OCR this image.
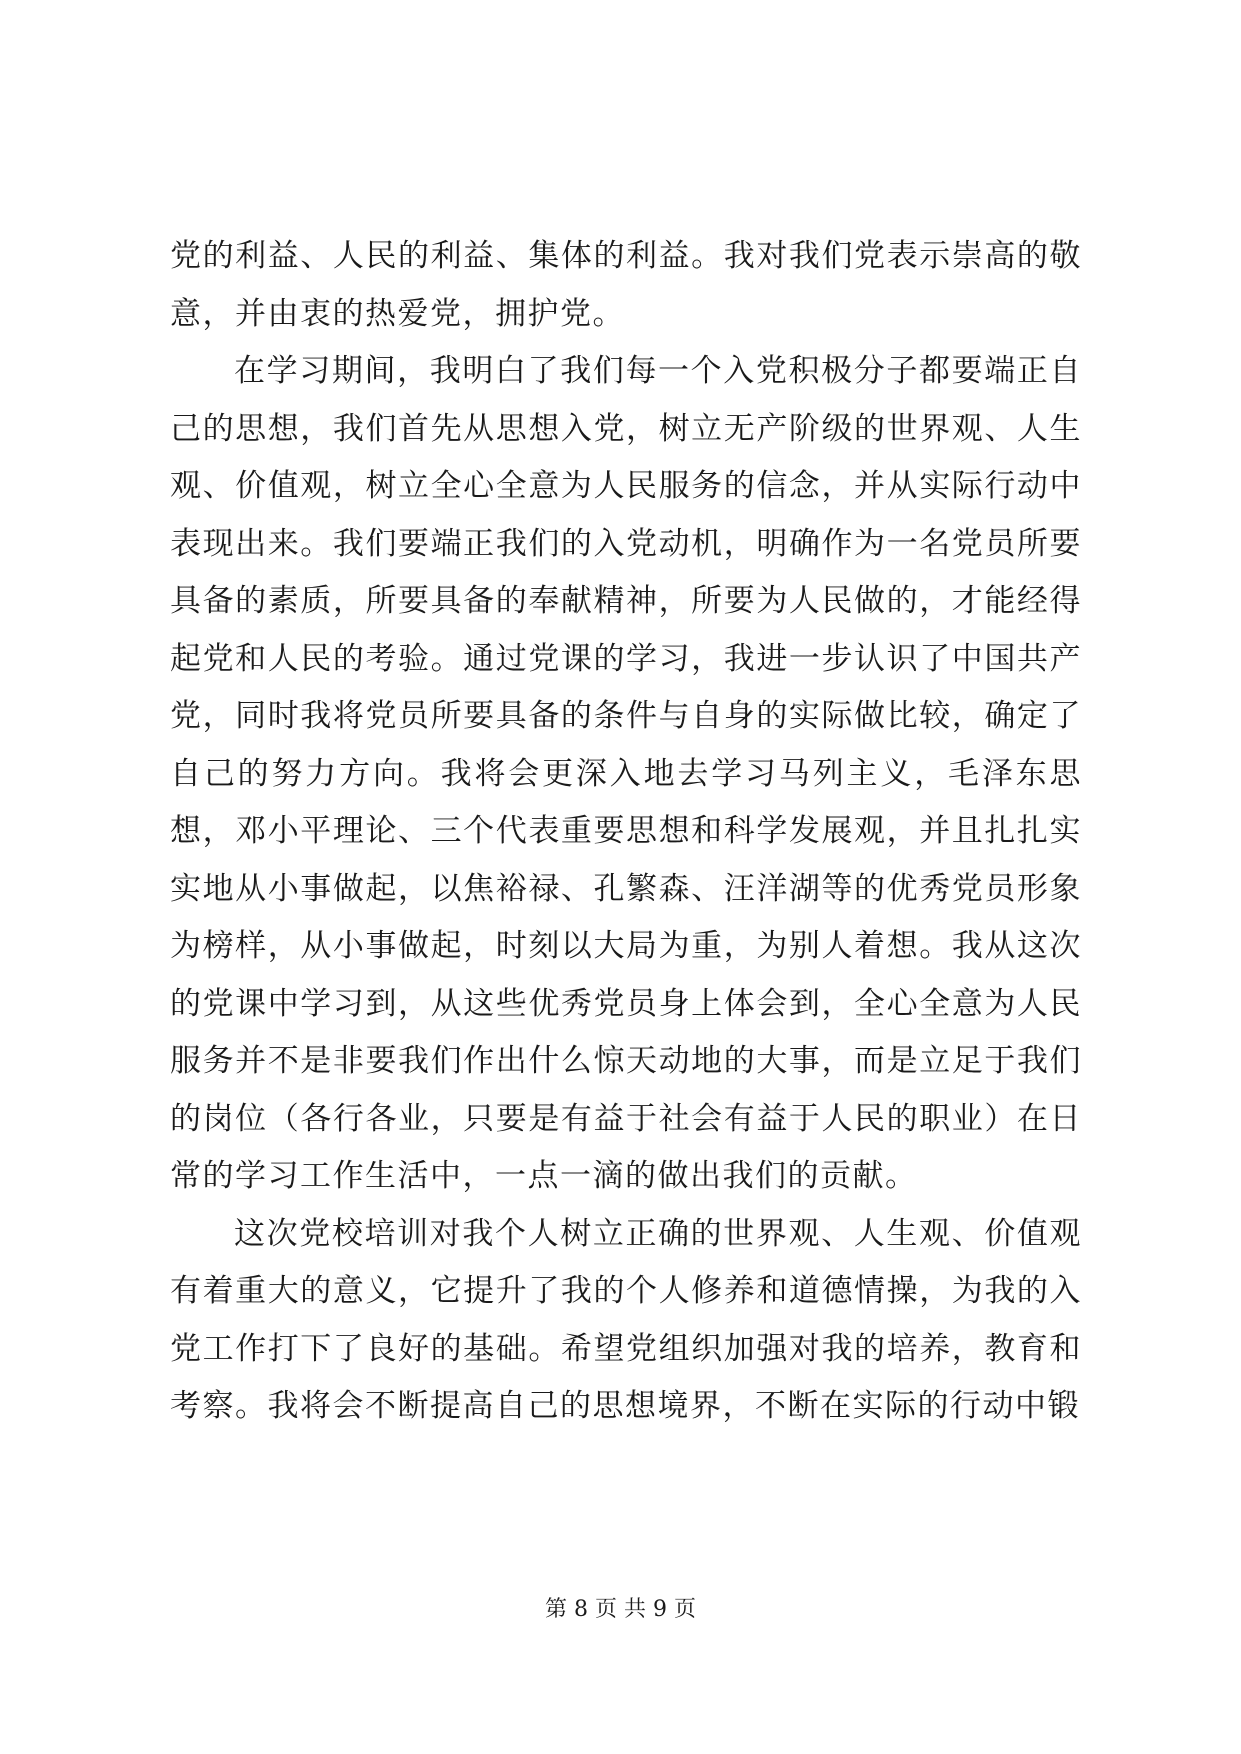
党的利益、人民的利益、集体的利益。我对我们党表示崇高的敬意，并由衷的热爱党，拥护党。

在学习期间，我明白了我们每一个入党积极分子都要端正自己的思想，我们首先从思想入党，树立无产阶级的世界观、人生观、价值观，树立全心全意为人民服务的信念，并从实际行动中表现出来。我们要端正我们的入党动机，明确作为一名党员所要具备的素质，所要具备的奉献精神，所要为人民做的，才能经得起党和人民的考验。通过党课的学习，我进一步认识了中国共产党，同时我将党员所要具备的条件与自身的实际做比较，确定了自己的努力方向。我将会更深入地去学习马列主义，毛泽东思想，邓小平理论、三个代表重要思想和科学发展观，并且扎扎实实地从小事做起，以焦裕禄、孔繁森、汪洋湖等的优秀党员形象为榜样，从小事做起，时刻以大局为重，为别人着想。我从这次的党课中学习到，从这些优秀党员身上体会到，全心全意为人民服务并不是非要我们作出什么惊天动地的大事，而是立足于我们的岗位（各行各业，只要是有益于社会有益于人民的职业）在日常的学习工作生活中，一点一滴的做出我们的贡献。

这次党校培训对我个人树立正确的世界观、人生观、价值观有着重大的意义，它提升了我的个人修养和道德情操，为我的入党工作打下了良好的基础。希望党组织加强对我的培养，教育和考察。我将会不断提高自己的思想境界，不断在实际的行动中锻

第 8 页 共 9 页
